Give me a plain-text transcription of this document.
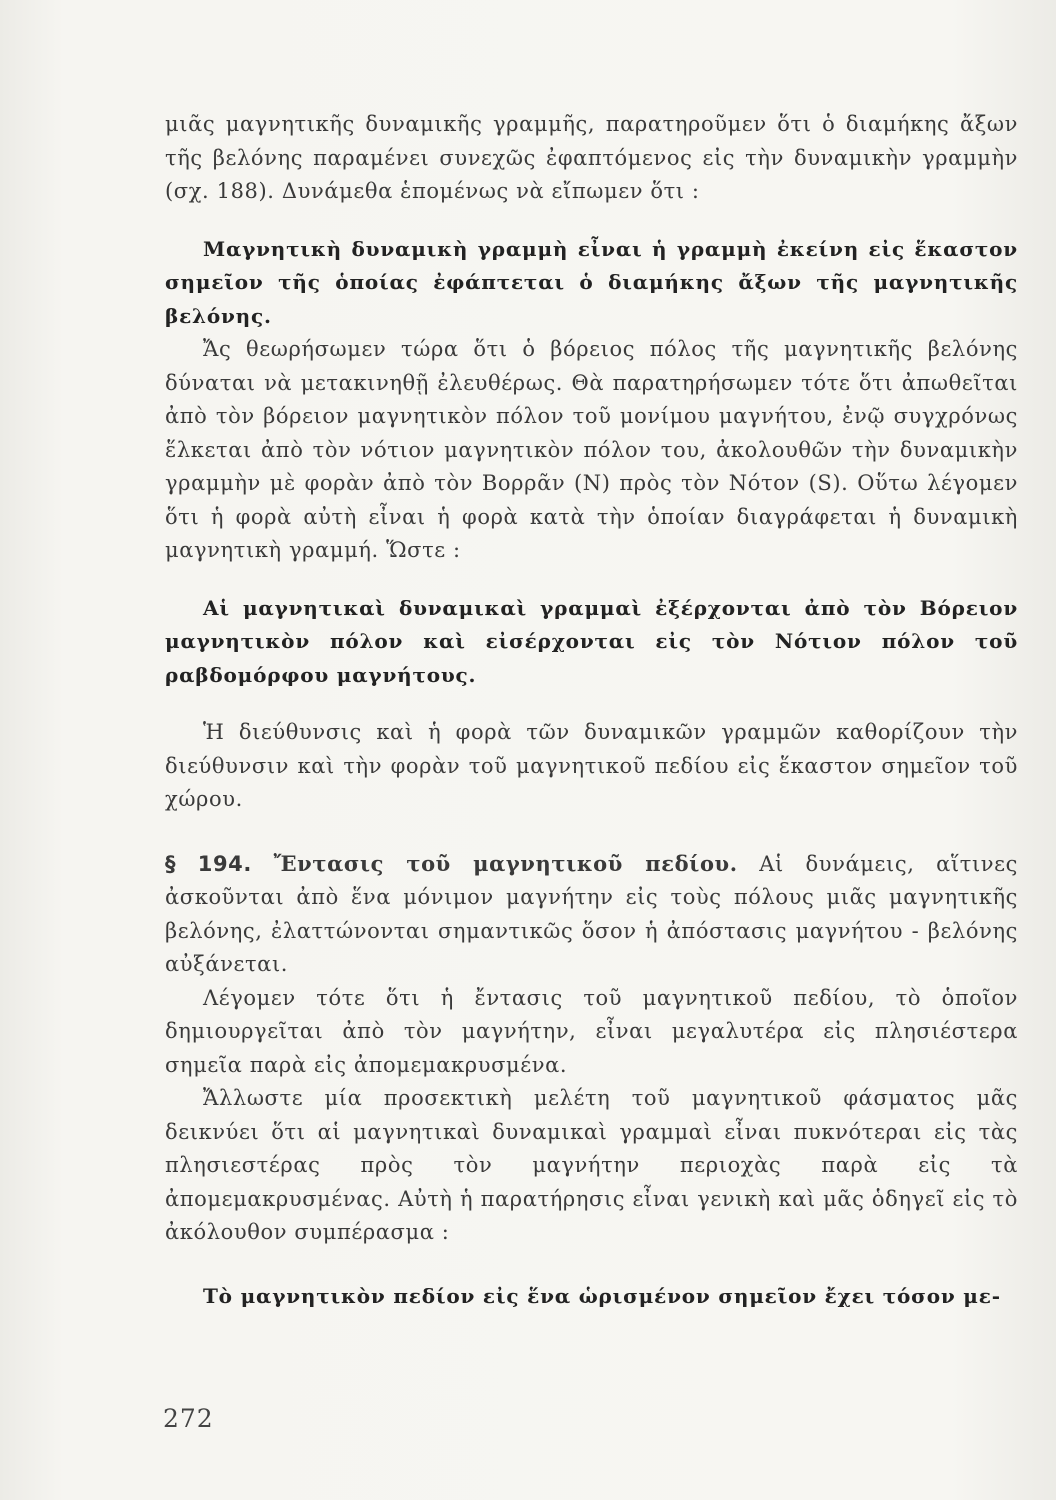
μιᾶς μαγνητικῆς δυναμικῆς γραμμῆς, παρατηροῦμεν ὅτι ὁ διαμήκης ἄξων τῆς βελόνης παραμένει συνεχῶς ἐφαπτόμενος εἰς τὴν δυναμικὴν γραμμὴν (σχ. 188). Δυνάμεθα ἑπομένως νὰ εἴπωμεν ὅτι :

Μαγνητικὴ δυναμικὴ γραμμὴ εἶναι ἡ γραμμὴ ἐκείνη εἰς ἕκαστον σημεῖον τῆς ὁποίας ἐφάπτεται ὁ διαμήκης ἄξων τῆς μαγνητικῆς βελόνης.

Ἄς θεωρήσωμεν τώρα ὅτι ὁ βόρειος πόλος τῆς μαγνητικῆς βελόνης δύναται νὰ μετακινηθῇ ἐλευθέρως. Θὰ παρατηρήσωμεν τότε ὅτι ἀπωθεῖται ἀπὸ τὸν βόρειον μαγνητικὸν πόλον τοῦ μονίμου μαγνήτου, ἐνῷ συγχρόνως ἕλκεται ἀπὸ τὸν νότιον μαγνητικὸν πόλον του, ἀκολουθῶν τὴν δυναμικὴν γραμμὴν μὲ φορὰν ἀπὸ τὸν Βορρᾶν (N) πρὸς τὸν Νότον (S). Οὕτω λέγομεν ὅτι ἡ φορὰ αὐτὴ εἶναι ἡ φορὰ κατὰ τὴν ὁποίαν διαγράφεται ἡ δυναμικὴ μαγνητικὴ γραμμή. Ὥστε :

Αἱ μαγνητικαὶ δυναμικαὶ γραμμαὶ ἐξέρχονται ἀπὸ τὸν Βόρειον μαγνητικὸν πόλον καὶ εἰσέρχονται εἰς τὸν Νότιον πόλον τοῦ ραβδομόρφου μαγνήτους.

Ἡ διεύθυνσις καὶ ἡ φορὰ τῶν δυναμικῶν γραμμῶν καθορίζουν τὴν διεύθυνσιν καὶ τὴν φορὰν τοῦ μαγνητικοῦ πεδίου εἰς ἕκαστον σημεῖον τοῦ χώρου.

§ 194. Ἔντασις τοῦ μαγνητικοῦ πεδίου. Αἱ δυνάμεις, αἵτινες ἀσκοῦνται ἀπὸ ἕνα μόνιμον μαγνήτην εἰς τοὺς πόλους μιᾶς μαγνητικῆς βελόνης, ἐλαττώνονται σημαντικῶς ὅσον ἡ ἀπόστασις μαγνήτου - βελόνης αὐξάνεται.

Λέγομεν τότε ὅτι ἡ ἔντασις τοῦ μαγνητικοῦ πεδίου, τὸ ὁποῖον δημιουργεῖται ἀπὸ τὸν μαγνήτην, εἶναι μεγαλυτέρα εἰς πλησιέστερα σημεῖα παρὰ εἰς ἀπομεμακρυσμένα.

Ἄλλωστε μία προσεκτικὴ μελέτη τοῦ μαγνητικοῦ φάσματος μᾶς δεικνύει ὅτι αἱ μαγνητικαὶ δυναμικαὶ γραμμαὶ εἶναι πυκνότεραι εἰς τὰς πλησιεστέρας πρὸς τὸν μαγνήτην περιοχὰς παρὰ εἰς τὰ ἀπομεμακρυσμένας. Αὐτὴ ἡ παρατήρησις εἶναι γενικὴ καὶ μᾶς ὁδηγεῖ εἰς τὸ ἀκόλουθον συμπέρασμα :

Τὸ μαγνητικὸν πεδίον εἰς ἕνα ὡρισμένον σημεῖον ἔχει τόσον με-

272
